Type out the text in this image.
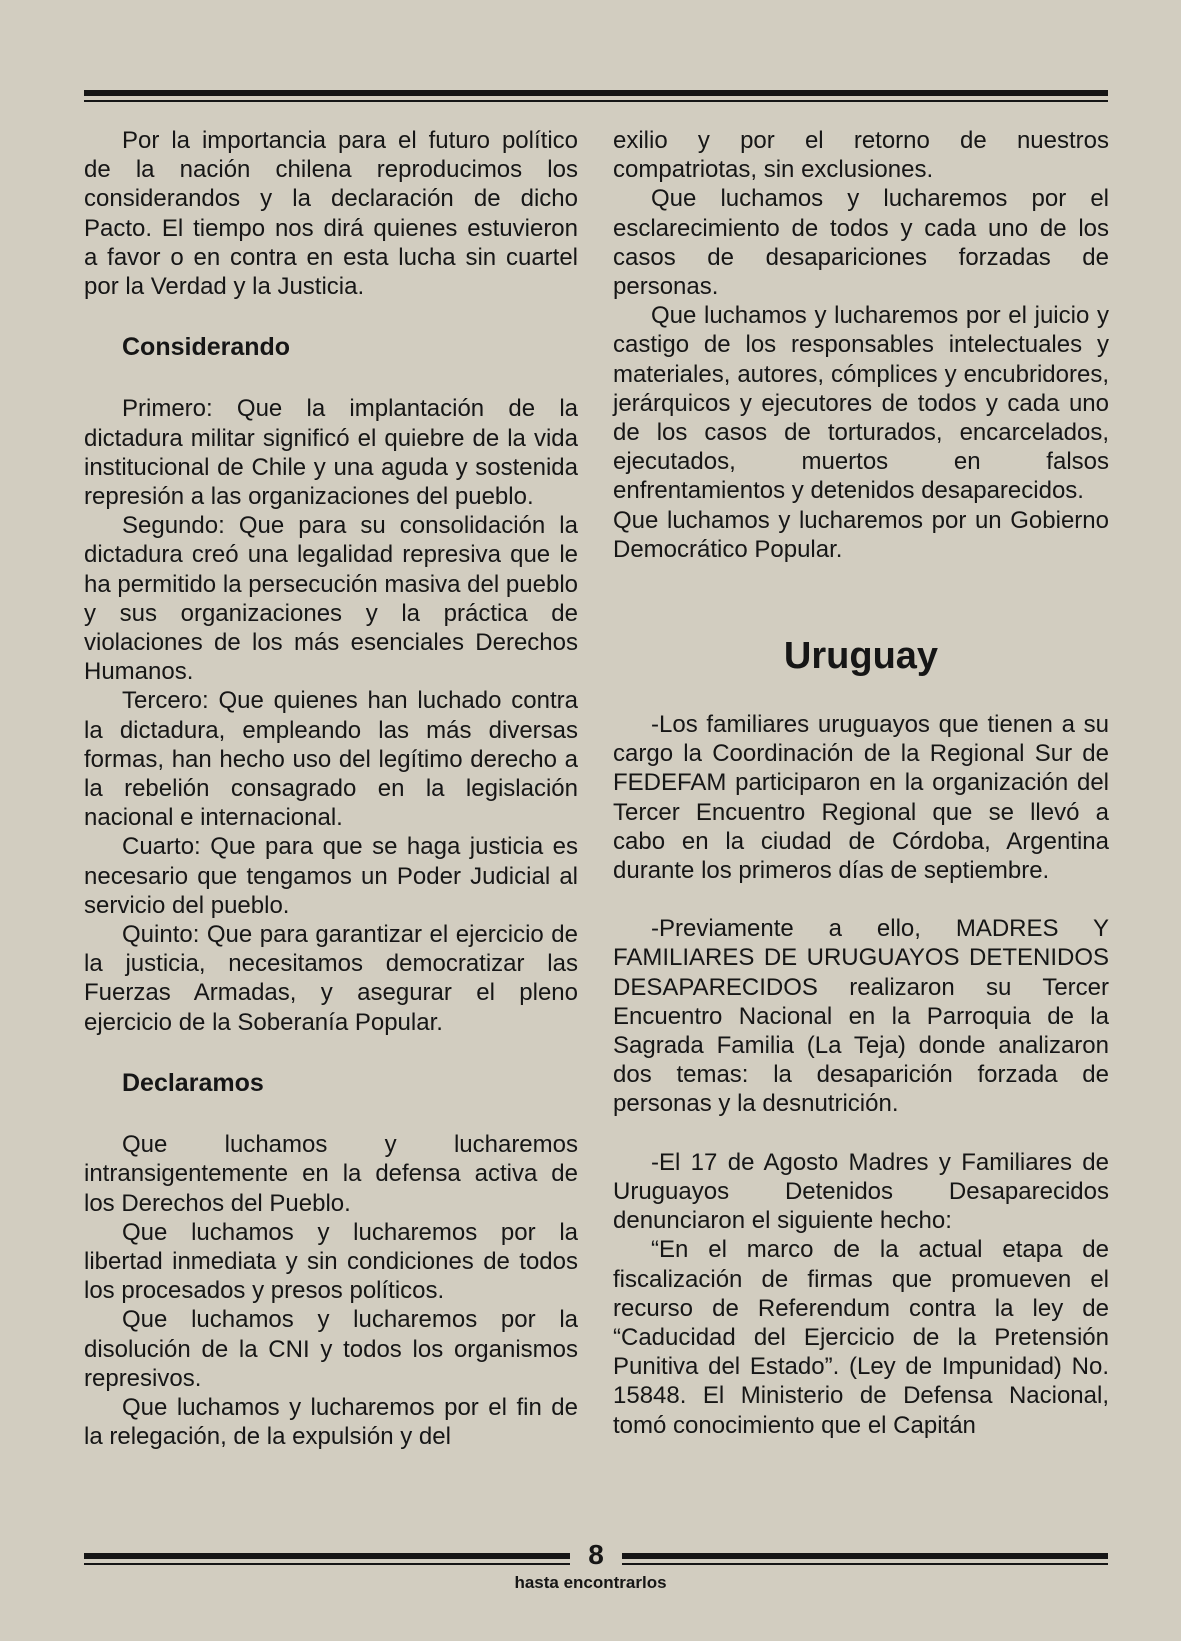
Por la importancia para el futuro político de la nación chilena reproducimos los considerandos y la declaración de dicho Pacto. El tiempo nos dirá quienes estuvieron a favor o en contra en esta lucha sin cuartel por la Verdad y la Justicia.

Considerando

Primero: Que la implantación de la dictadura militar significó el quiebre de la vida institucional de Chile y una aguda y sostenida represión a las organizaciones del pueblo.

Segundo: Que para su consolidación la dictadura creó una legalidad represiva que le ha permitido la persecución masiva del pueblo y sus organizaciones y la práctica de violaciones de los más esenciales Derechos Humanos.

Tercero: Que quienes han luchado contra la dictadura, empleando las más diversas formas, han hecho uso del legítimo derecho a la rebelión consagrado en la legislación nacional e internacional.

Cuarto: Que para que se haga justicia es necesario que tengamos un Poder Judicial al servicio del pueblo.

Quinto: Que para garantizar el ejercicio de la justicia, necesitamos democratizar las Fuerzas Armadas, y asegurar el pleno ejercicio de la Soberanía Popular.

Declaramos

Que luchamos y lucharemos intransigentemente en la defensa activa de los Derechos del Pueblo.

Que luchamos y lucharemos por la libertad inmediata y sin condiciones de todos los procesados y presos políticos.

Que luchamos y lucharemos por la disolución de la CNI y todos los organismos represivos.

Que luchamos y lucharemos por el fin de la relegación, de la expulsión y del

exilio y por el retorno de nuestros compatriotas, sin exclusiones.

Que luchamos y lucharemos por el esclarecimiento de todos y cada uno de los casos de desapariciones forzadas de personas.

Que luchamos y lucharemos por el juicio y castigo de los responsables intelectuales y materiales, autores, cómplices y encubridores, jerárquicos y ejecutores de todos y cada uno de los casos de torturados, encarcelados, ejecutados, muertos en falsos enfrentamientos y detenidos desaparecidos.

Que luchamos y lucharemos por un Gobierno Democrático Popular.

Uruguay

-Los familiares uruguayos que tienen a su cargo la Coordinación de la Regional Sur de FEDEFAM participaron en la organización del Tercer Encuentro Regional que se llevó a cabo en la ciudad de Córdoba, Argentina durante los primeros días de septiembre.

-Previamente a ello, MADRES Y FAMILIARES DE URUGUAYOS DETENIDOS DESAPARECIDOS realizaron su Tercer Encuentro Nacional en la Parroquia de la Sagrada Familia (La Teja) donde analizaron dos temas: la desaparición forzada de personas y la desnutrición.

-El 17 de Agosto Madres y Familiares de Uruguayos Detenidos Desaparecidos denunciaron el siguiente hecho:

“En el marco de la actual etapa de fiscalización de firmas que promueven el recurso de Referendum contra la ley de “Caducidad del Ejercicio de la Pretensión Punitiva del Estado”. (Ley de Impunidad) No. 15848. El Ministerio de Defensa Nacional, tomó conocimiento que el Capitán

8
hasta encontrarlos
